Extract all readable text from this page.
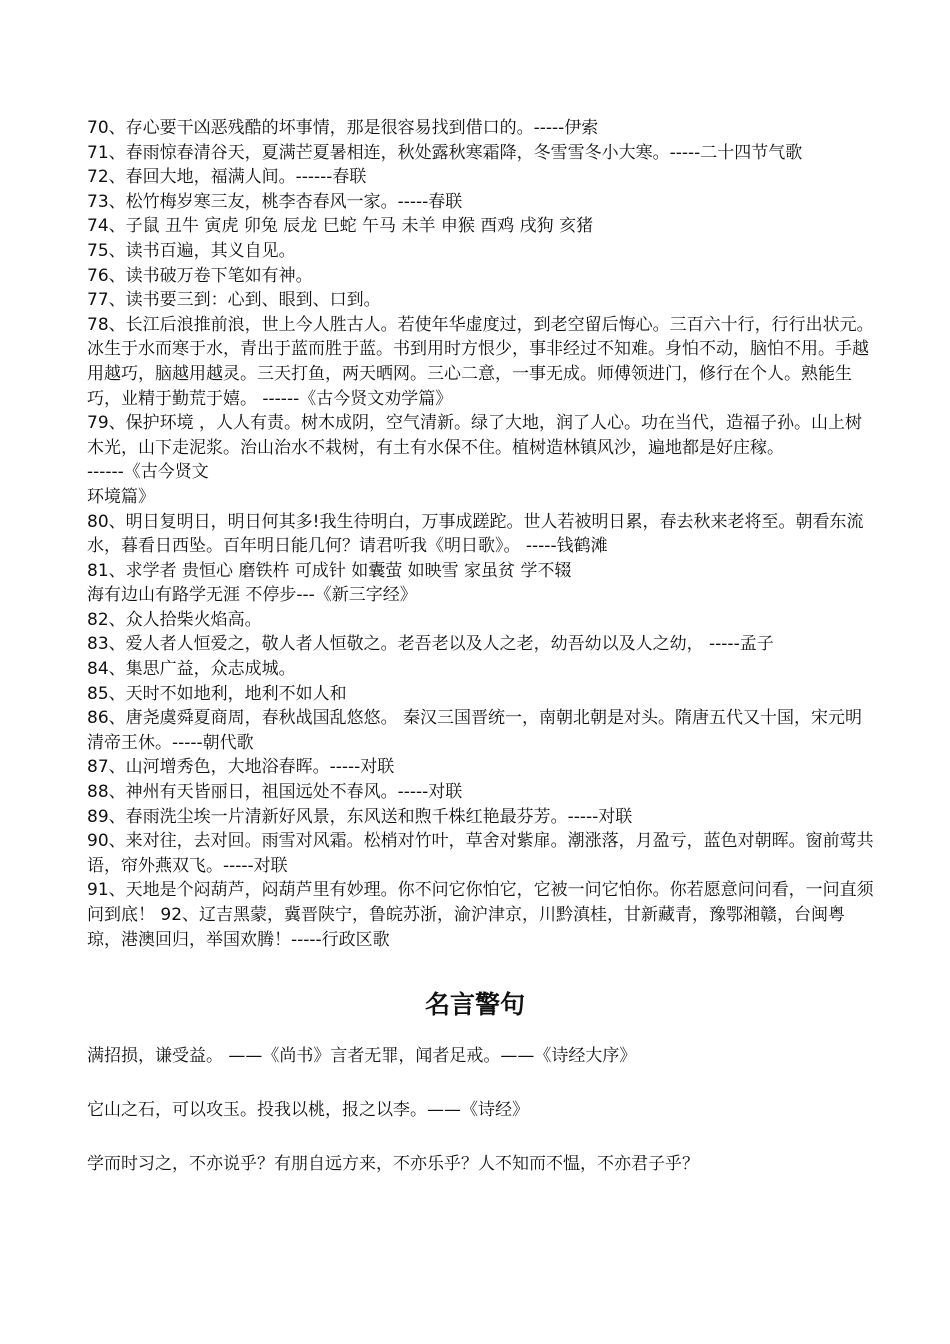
70、存心要干凶恶残酷的坏事情，那是很容易找到借口的。-----伊索

71、春雨惊春清谷天，夏满芒夏暑相连，秋处露秋寒霜降，冬雪雪冬小大寒。-----二十四节气歌

72、春回大地，福满人间。------春联

73、松竹梅岁寒三友，桃李杏春风一家。-----春联

74、子鼠 丑牛 寅虎 卯兔 辰龙 巳蛇 午马 未羊 申猴 酉鸡 戌狗 亥猪

75、读书百遍，其义自见。

76、读书破万卷下笔如有神。

77、读书要三到：心到、眼到、口到。

78、长江后浪推前浪，世上今人胜古人。若使年华虚度过，到老空留后悔心。三百六十行，行行出状元。冰生于水而寒于水，青出于蓝而胜于蓝。书到用时方恨少，事非经过不知难。身怕不动，脑怕不用。手越用越巧，脑越用越灵。三天打鱼，两天晒网。三心二意，一事无成。师傅领进门，修行在个人。熟能生巧，业精于勤荒于嬉。 ------《古今贤文劝学篇》

79、保护环境 ，人人有责。树木成阴，空气清新。绿了大地，润了人心。功在当代，造福子孙。山上树木光，山下走泥浆。治山治水不栽树，有土有水保不住。植树造林镇风沙，遍地都是好庄稼。

------《古今贤文

环境篇》

80、明日复明日，明日何其多!我生待明白，万事成蹉跎。世人若被明日累，春去秋来老将至。朝看东流水，暮看日西坠。百年明日能几何？请君听我《明日歌》。 -----钱鹤滩

81、求学者 贵恒心 磨铁杵 可成针 如囊萤 如映雪 家虽贫 学不辍

海有边山有路学无涯 不停步---《新三字经》

82、众人拾柴火焰高。

83、爱人者人恒爱之，敬人者人恒敬之。老吾老以及人之老，幼吾幼以及人之幼， -----孟子

84、集思广益，众志成城。

85、天时不如地利，地利不如人和

86、唐尧虞舜夏商周，春秋战国乱悠悠。 秦汉三国晋统一，南朝北朝是对头。隋唐五代又十国，宋元明清帝王休。-----朝代歌

87、山河增秀色，大地浴春晖。-----对联

88、神州有天皆丽日，祖国远处不春风。-----对联

89、春雨洗尘埃一片清新好风景，东风送和煦千株红艳最芬芳。-----对联

90、来对往，去对回。雨雪对风霜。松梢对竹叶，草舍对紫扉。潮涨落，月盈亏，蓝色对朝晖。窗前莺共语，帘外燕双飞。-----对联

91、天地是个闷葫芦，闷葫芦里有妙理。你不问它你怕它，它被一问它怕你。你若愿意问问看，一问直须问到底！ 92、辽吉黑蒙，冀晋陕宁，鲁皖苏浙，渝沪津京，川黔滇桂，甘新藏青，豫鄂湘赣，台闽粤琼，港澳回归，举国欢腾！-----行政区歌

名言警句

满招损，谦受益。 ——《尚书》言者无罪，闻者足戒。——《诗经大序》

它山之石，可以攻玉。投我以桃，报之以李。——《诗经》

学而时习之，不亦说乎？有朋自远方来，不亦乐乎？人不知而不愠，不亦君子乎？
